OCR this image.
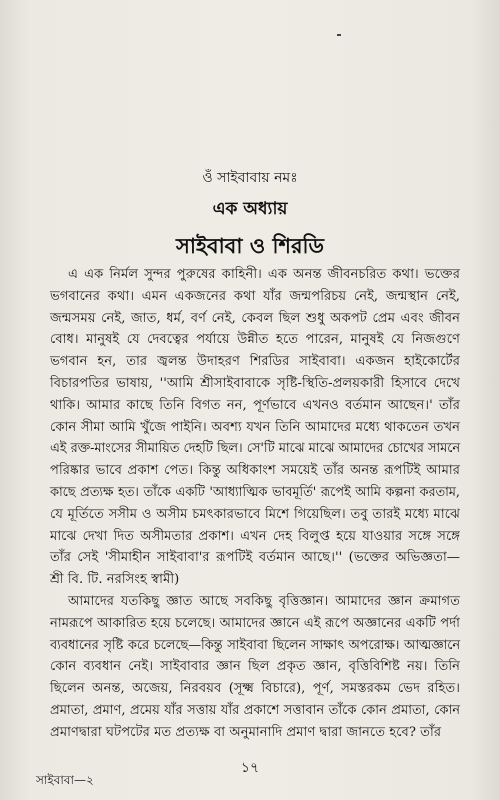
ওঁ সাইবাবায় নমঃ
এক অধ্যায়
সাইবাবা ও শিরডি

এ এক নির্মল সুন্দর পুরুষের কাহিনী। এক অনন্ত জীবনচরিত কথা। ভক্তের
ভগবানের কথা। এমন একজনের কথা যাঁর জন্মপরিচয় নেই, জন্মস্থান নেই,
জন্মসময় নেই, জাত, ধর্ম, বর্ণ নেই, কেবল ছিল শুধু অকপট প্রেম এবং জীবন
বোধ। মানুষই যে দেবত্বের পর্যায়ে উন্নীত হতে পারেন, মানুষই যে নিজগুণে
ভগবান হন, তার জ্বলন্ত উদাহরণ শিরডির সাইবাবা। একজন হাইকোর্টের
বিচারপতির ভাষায়, ''আমি শ্রীসাইবাবাকে সৃষ্টি-স্থিতি-প্রলয়কারী হিসাবে দেখে
থাকি। আমার কাছে তিনি বিগত নন, পূর্ণভাবে এখনও বর্তমান আছেন।' তাঁর
কোন সীমা আমি খুঁজে পাইনি। অবশ্য যখন তিনি আমাদের মধ্যে থাকতেন তখন
এই রক্ত-মাংসের সীমায়িত দেহটি ছিল। সে'টি মাঝে মাঝে আমাদের চোখের সামনে
পরিষ্কার ভাবে প্রকাশ পেত। কিন্তু অধিকাংশ সময়েই তাঁর অনন্ত রূপটিই আমার
কাছে প্রত্যক্ষ হত। তাঁকে একটি 'আধ্যাত্মিক ভাবমূর্তি' রূপেই আমি কল্পনা করতাম,
যে মূর্তিতে সসীম ও অসীম চমৎকারভাবে মিশে গিয়েছিল। তবু তারই মধ্যে মাঝে
মাঝে দেখা দিত অসীমতার প্রকাশ। এখন দেহ বিলুপ্ত হয়ে যাওয়ার সঙ্গে সঙ্গে
তাঁর সেই 'সীমাহীন সাইবাবা'র রূপটিই বর্তমান আছে।'' (ভক্তের অভিজ্ঞতা—
শ্রী বি. টি. নরসিংহ স্বামী)

আমাদের যতকিছু জ্ঞাত আছে সবকিছু বৃত্তিজ্ঞান। আমাদের জ্ঞান ক্রমাগত
নামরূপে আকারিত হয়ে চলেছে। আমাদের জ্ঞানে এই রূপে অজ্ঞানের একটি পর্দা
ব্যবধানের সৃষ্টি করে চলেছে—কিন্তু সাইবাবা ছিলেন সাক্ষাৎ অপরোক্ষ। আত্মজ্ঞানে
কোন ব্যবধান নেই। সাইবাবার জ্ঞান ছিল প্রকৃত জ্ঞান, বৃত্তিবিশিষ্ট নয়। তিনি
ছিলেন অনন্ত, অজেয়, নিরবয়ব (সূক্ষ্ম বিচারে), পূর্ণ, সমস্তরকম ভেদ রহিত।
প্রমাতা, প্রমাণ, প্রমেয় যাঁর সত্তায় যাঁর প্রকাশে সত্তাবান তাঁকে কোন প্রমাতা, কোন
প্রমাণদ্বারা ঘটপটের মত প্রত্যক্ষ বা অনুমানাদি প্রমাণ দ্বারা জানতে হবে? তাঁর

১৭
সাইবাবা—২
